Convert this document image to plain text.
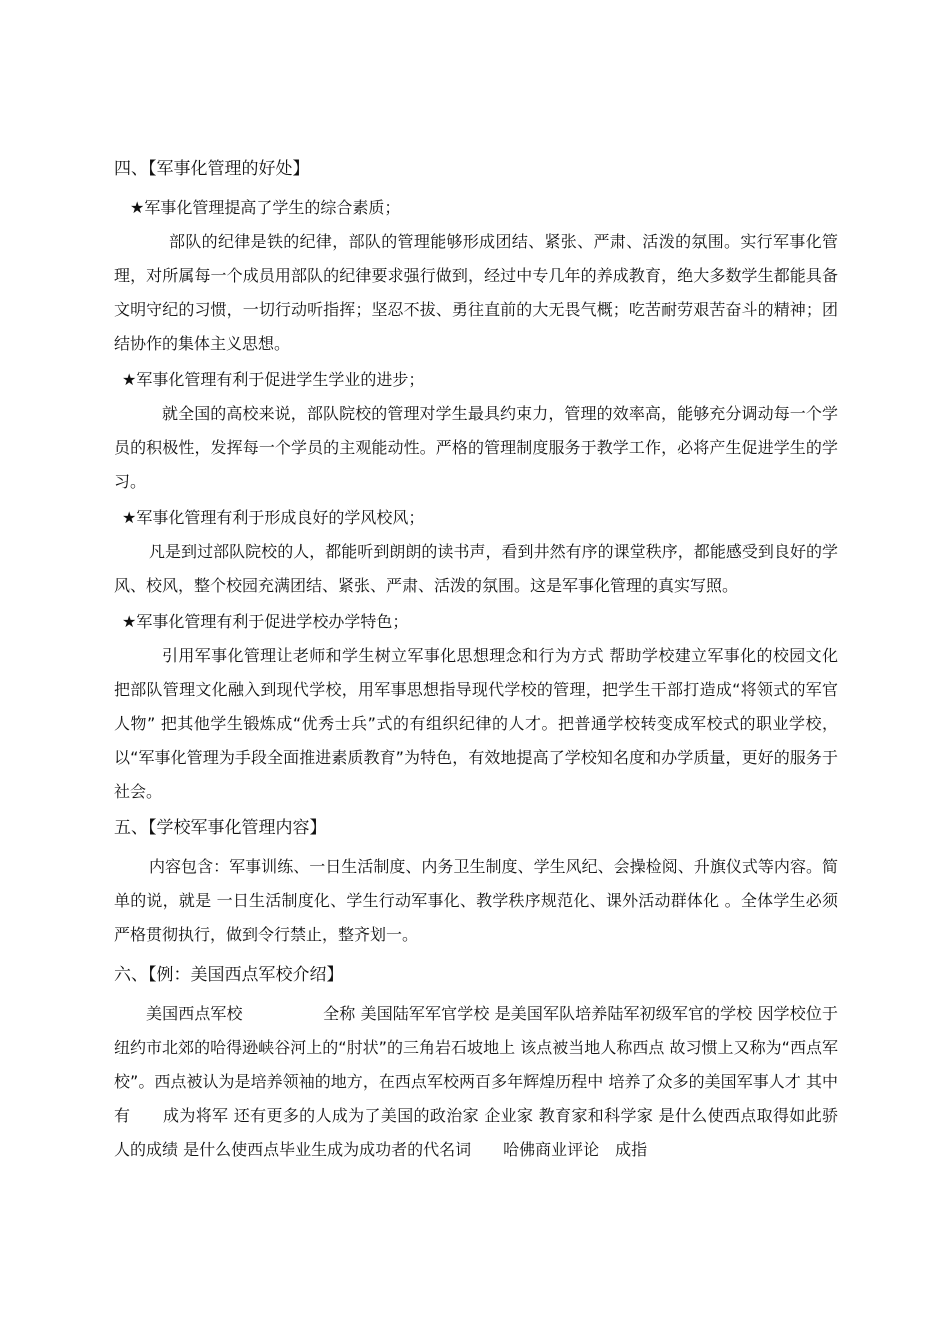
四、【军事化管理的好处】

★军事化管理提高了学生的综合素质；

部队的纪律是铁的纪律，部队的管理能够形成团结、紧张、严肃、活泼的氛围。实行军事化管理，对所属每一个成员用部队的纪律要求强行做到，经过中专几年的养成教育，绝大多数学生都能具备文明守纪的习惯，一切行动听指挥；坚忍不拔、勇往直前的大无畏气概；吃苦耐劳艰苦奋斗的精神；团结协作的集体主义思想。

★军事化管理有利于促进学生学业的进步；

就全国的高校来说，部队院校的管理对学生最具约束力，管理的效率高，能够充分调动每一个学员的积极性，发挥每一个学员的主观能动性。严格的管理制度服务于教学工作，必将产生促进学生的学习。

★军事化管理有利于形成良好的学风校风；

凡是到过部队院校的人，都能听到朗朗的读书声，看到井然有序的课堂秩序，都能感受到良好的学风、校风，整个校园充满团结、紧张、严肃、活泼的氛围。这是军事化管理的真实写照。

★军事化管理有利于促进学校办学特色；

引用军事化管理让老师和学生树立军事化思想理念和行为方式 帮助学校建立军事化的校园文化 把部队管理文化融入到现代学校，用军事思想指导现代学校的管理，把学生干部打造成“将领式的军官人物” 把其他学生锻炼成“优秀士兵”式的有组织纪律的人才。把普通学校转变成军校式的职业学校，以“军事化管理为手段全面推进素质教育”为特色，有效地提高了学校知名度和办学质量，更好的服务于社会。

五、【学校军事化管理内容】

内容包含：军事训练、一日生活制度、内务卫生制度、学生风纪、会操检阅、升旗仪式等内容。简单的说，就是 一日生活制度化、学生行动军事化、教学秩序规范化、课外活动群体化 。全体学生必须严格贯彻执行，做到令行禁止，整齐划一。

六、【例：美国西点军校介绍】

美国西点军校　　　　　全称 美国陆军军官学校 是美国军队培养陆军初级军官的学校 因学校位于纽约市北郊的哈得逊峡谷河上的“肘状”的三角岩石坡地上 该点被当地人称西点 故习惯上又称为“西点军校”。西点被认为是培养领袖的地方，在西点军校两百多年辉煌历程中 培养了众多的美国军事人才 其中有　　成为将军 还有更多的人成为了美国的政治家 企业家 教育家和科学家 是什么使西点取得如此骄人的成绩 是什么使西点毕业生成为成功者的代名词　　哈佛商业评论　成指
